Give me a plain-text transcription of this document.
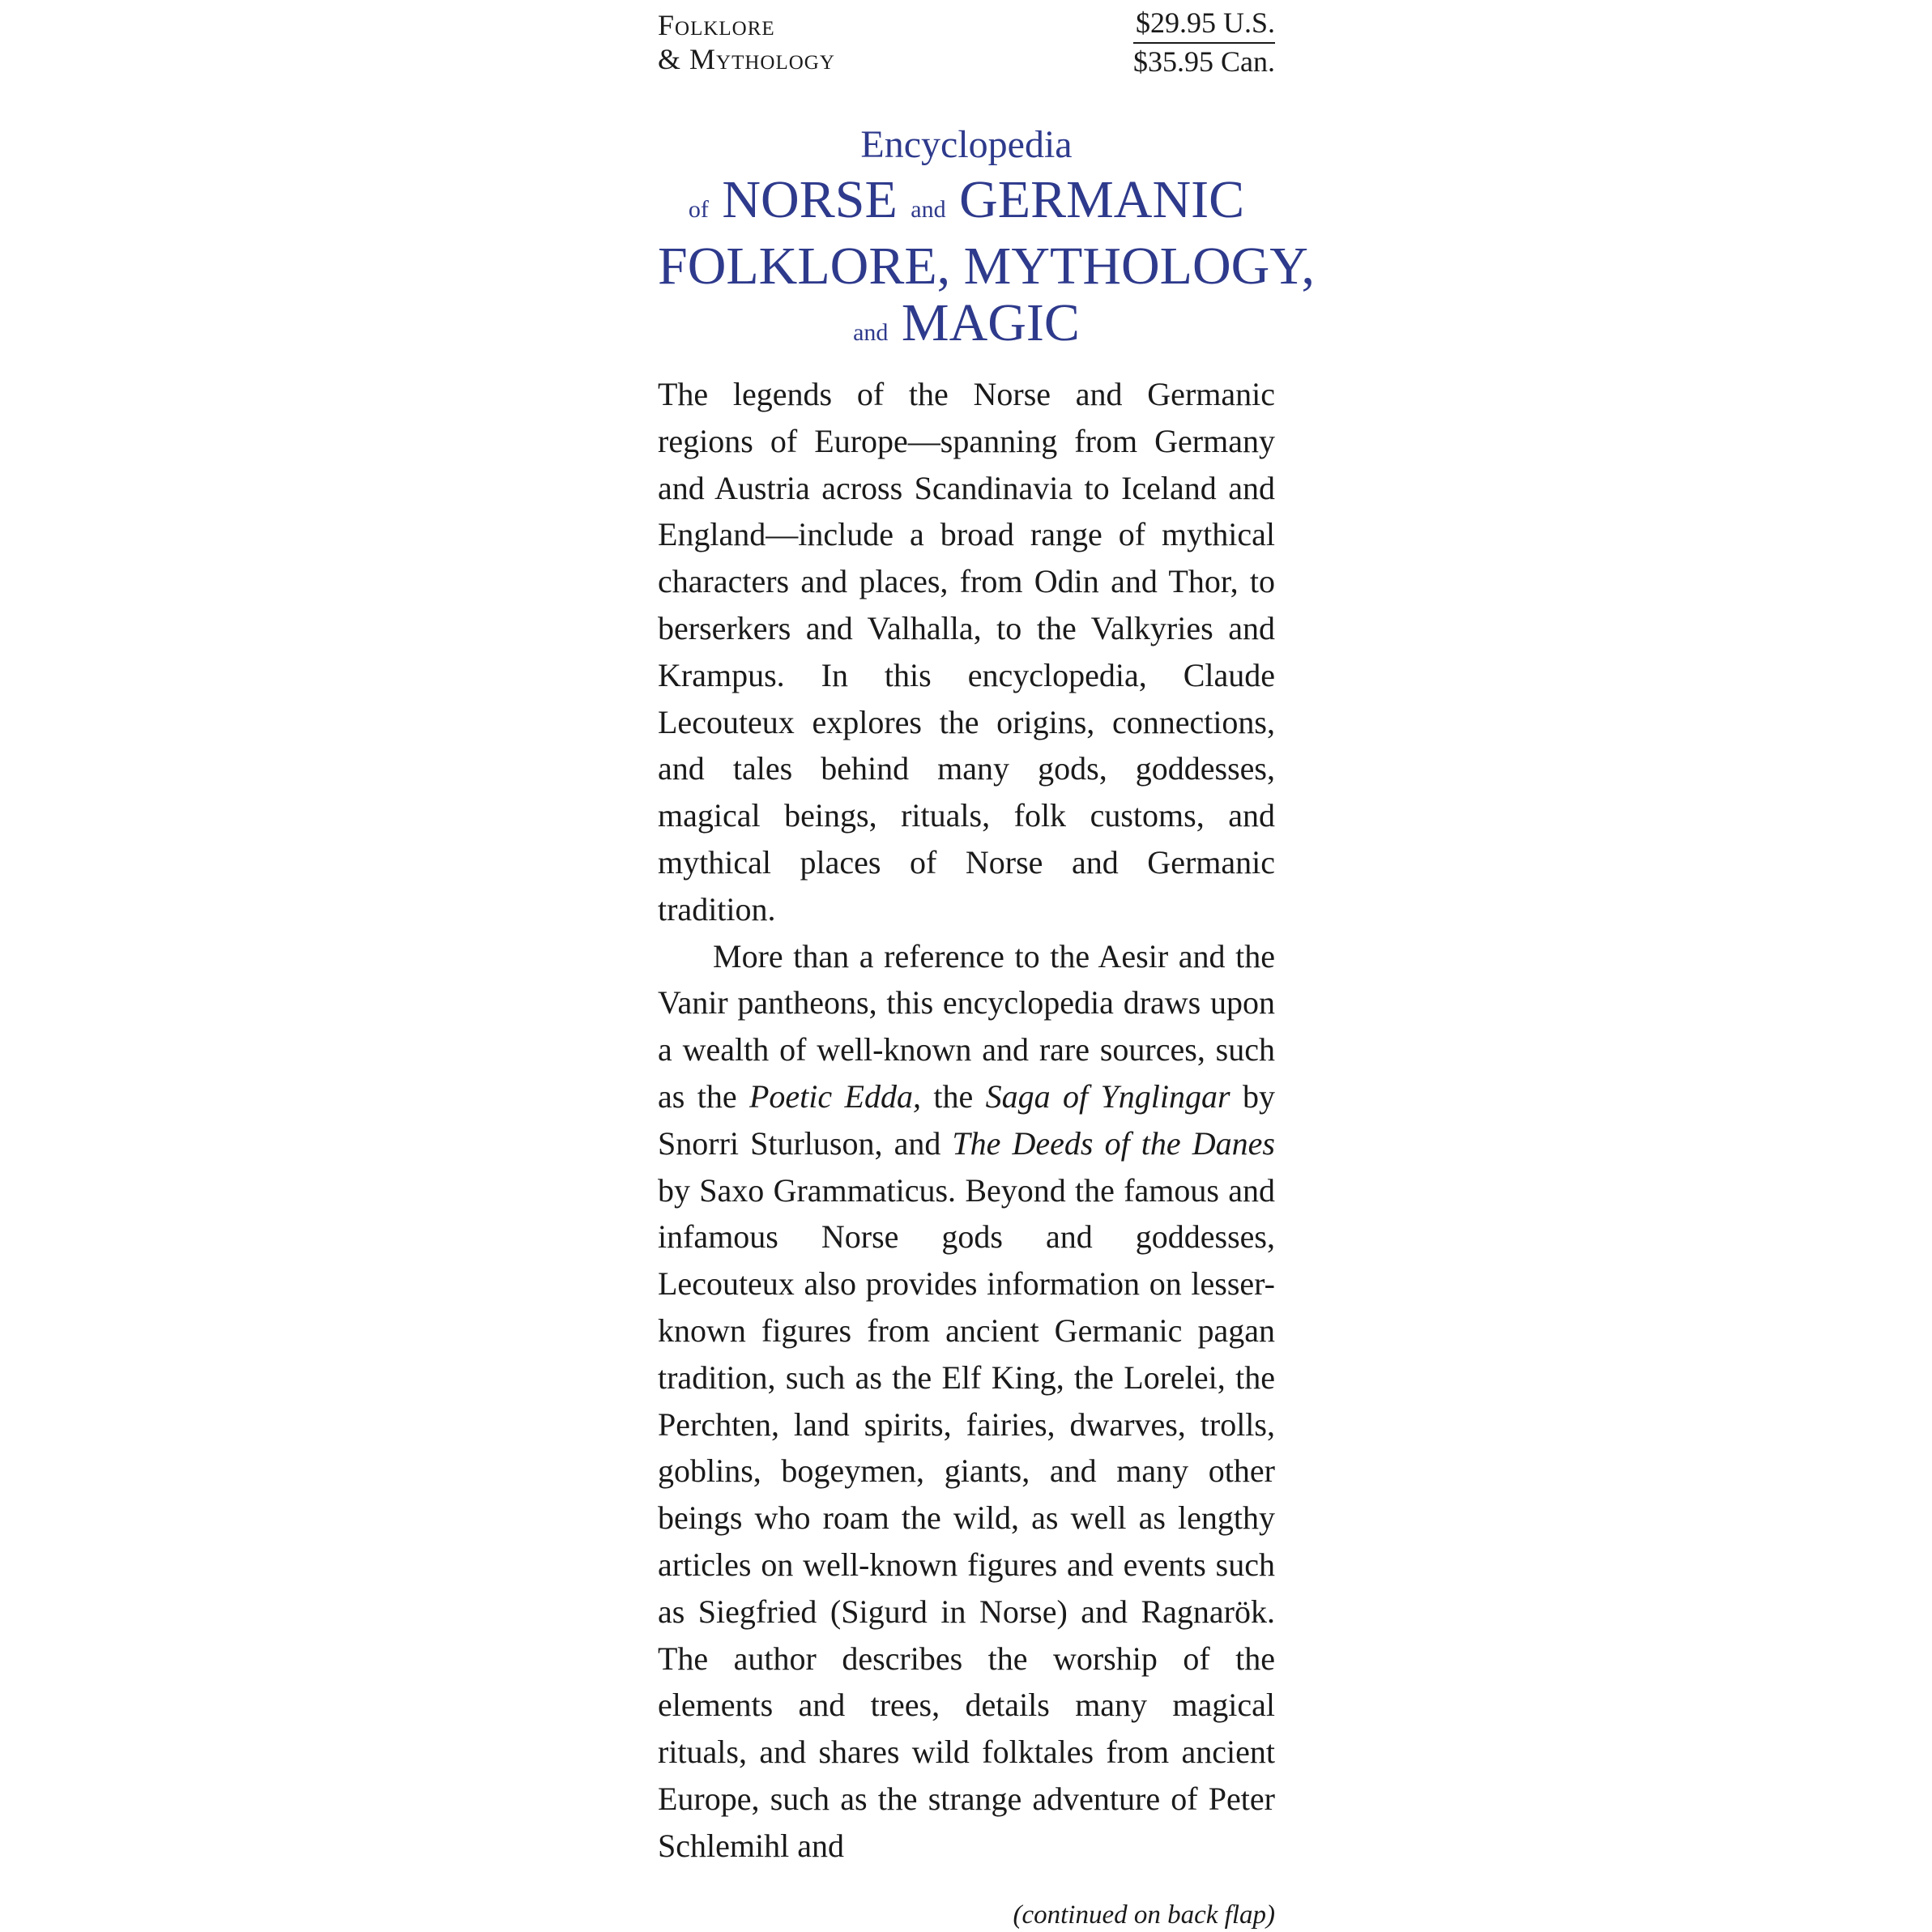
Folklore
& Mythology
$29.95 U.S.
$35.95 Can.
Encyclopedia
of NORSE and GERMANIC
FOLKLORE, MYTHOLOGY,
and MAGIC

The legends of the Norse and Germanic regions of Europe—spanning from Germany and Austria across Scandinavia to Iceland and England—include a broad range of mythical characters and places, from Odin and Thor, to berserkers and Valhalla, to the Valkyries and Krampus. In this encyclopedia, Claude Lecouteux explores the origins, connections, and tales behind many gods, goddesses, magical beings, rituals, folk customs, and mythical places of Norse and Germanic tradition.

More than a reference to the Aesir and the Vanir pantheons, this encyclopedia draws upon a wealth of well-known and rare sources, such as the Poetic Edda, the Saga of Ynglingar by Snorri Sturluson, and The Deeds of the Danes by Saxo Grammaticus. Beyond the famous and infamous Norse gods and goddesses, Lecouteux also provides information on lesser-known figures from ancient Germanic pagan tradition, such as the Elf King, the Lorelei, the Perchten, land spirits, fairies, dwarves, trolls, goblins, bogeymen, giants, and many other beings who roam the wild, as well as lengthy articles on well-known figures and events such as Siegfried (Sigurd in Norse) and Ragnarök. The author describes the worship of the elements and trees, details many magical rituals, and shares wild folktales from ancient Europe, such as the strange adventure of Peter Schlemihl and

(continued on back flap)
